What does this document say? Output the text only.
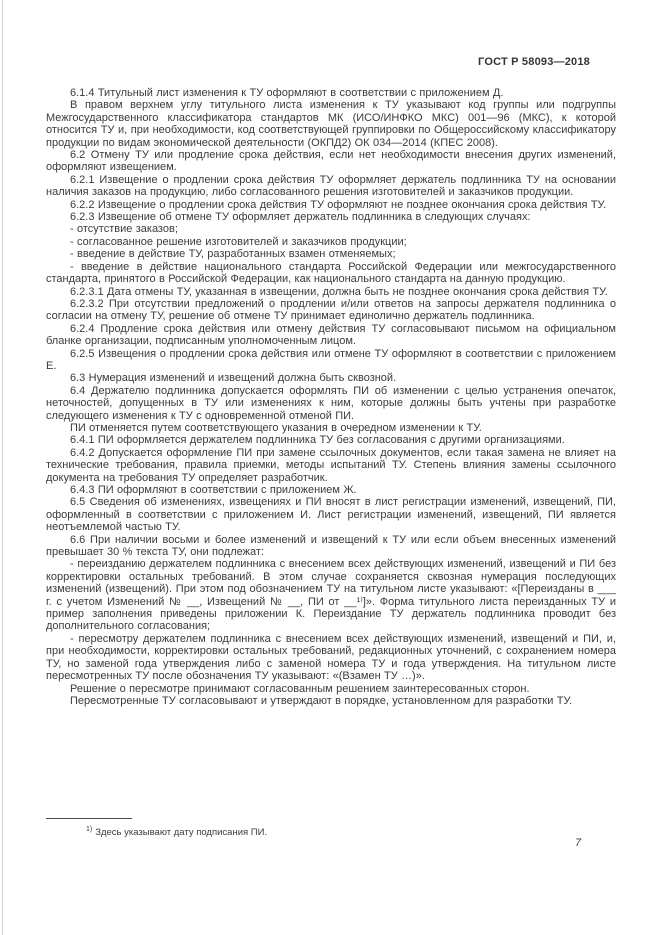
ГОСТ Р 58093—2018

6.1.4 Титульный лист изменения к ТУ оформляют в соответствии с приложением Д.

В правом верхнем углу титульного листа изменения к ТУ указывают код группы или подгруппы Межгосударственного классификатора стандартов МК (ИСО/ИНФКО МКС) 001—96 (МКС), к которой относится ТУ и, при необходимости, код соответствующей группировки по Общероссийскому классификатору продукции по видам экономической деятельности (ОКПД2) ОК 034—2014 (КПЕС 2008).

6.2 Отмену ТУ или продление срока действия, если нет необходимости внесения других изменений, оформляют извещением.

6.2.1 Извещение о продлении срока действия ТУ оформляет держатель подлинника ТУ на основании наличия заказов на продукцию, либо согласованного решения изготовителей и заказчиков продукции.

6.2.2 Извещение о продлении срока действия ТУ оформляют не позднее окончания срока действия ТУ.

6.2.3 Извещение об отмене ТУ оформляет держатель подлинника в следующих случаях:

- отсутствие заказов;

- согласованное решение изготовителей и заказчиков продукции;

- введение в действие ТУ, разработанных взамен отменяемых;

- введение в действие национального стандарта Российской Федерации или межгосударственного стандарта, принятого в Российской Федерации, как национального стандарта на данную продукцию.

6.2.3.1 Дата отмены ТУ, указанная в извещении, должна быть не позднее окончания срока действия ТУ.

6.2.3.2 При отсутствии предложений о продлении и/или ответов на запросы держателя подлинника о согласии на отмену ТУ, решение об отмене ТУ принимает единолично держатель подлинника.

6.2.4 Продление срока действия или отмену действия ТУ согласовывают письмом на официальном бланке организации, подписанным уполномоченным лицом.

6.2.5 Извещения о продлении срока действия или отмене ТУ оформляют в соответствии с приложением Е.

6.3 Нумерация изменений и извещений должна быть сквозной.

6.4 Держателю подлинника допускается оформлять ПИ об изменении с целью устранения опечаток, неточностей, допущенных в ТУ или изменениях к ним, которые должны быть учтены при разработке следующего изменения к ТУ с одновременной отменой ПИ.

ПИ отменяется путем соответствующего указания в очередном изменении к ТУ.

6.4.1 ПИ оформляется держателем подлинника ТУ без согласования с другими организациями.

6.4.2 Допускается оформление ПИ при замене ссылочных документов, если такая замена не влияет на технические требования, правила приемки, методы испытаний ТУ. Степень влияния замены ссылочного документа на требования ТУ определяет разработчик.

6.4.3 ПИ оформляют в соответствии с приложением Ж.

6.5 Сведения об изменениях, извещениях и ПИ вносят в лист регистрации изменений, извещений, ПИ, оформленный в соответствии с приложением И. Лист регистрации изменений, извещений, ПИ является неотъемлемой частью ТУ.

6.6 При наличии восьми и более изменений и извещений к ТУ или если объем внесенных изменений превышает 30 % текста ТУ, они подлежат:

- переизданию держателем подлинника с внесением всех действующих изменений, извещений и ПИ без корректировки остальных требований. В этом случае сохраняется сквозная нумерация последующих изменений (извещений). При этом под обозначением ТУ на титульном листе указывают: «[Переизданы в ___ г. с учетом Изменений № __, Извещений № __, ПИ от __¹⁾]». Форма титульного листа переизданных ТУ и пример заполнения приведены приложении К. Переиздание ТУ держатель подлинника проводит без дополнительного согласования;

- пересмотру держателем подлинника с внесением всех действующих изменений, извещений и ПИ, и, при необходимости, корректировки остальных требований, редакционных уточнений, с сохранением номера ТУ, но заменой года утверждения либо с заменой номера ТУ и года утверждения. На титульном листе пересмотренных ТУ после обозначения ТУ указывают: «(Взамен ТУ …)».

Решение о пересмотре принимают согласованным решением заинтересованных сторон.

Пересмотренные ТУ согласовывают и утверждают в порядке, установленном для разработки ТУ.

$^{1)}$ Здесь указывают дату подписания ПИ.
7
